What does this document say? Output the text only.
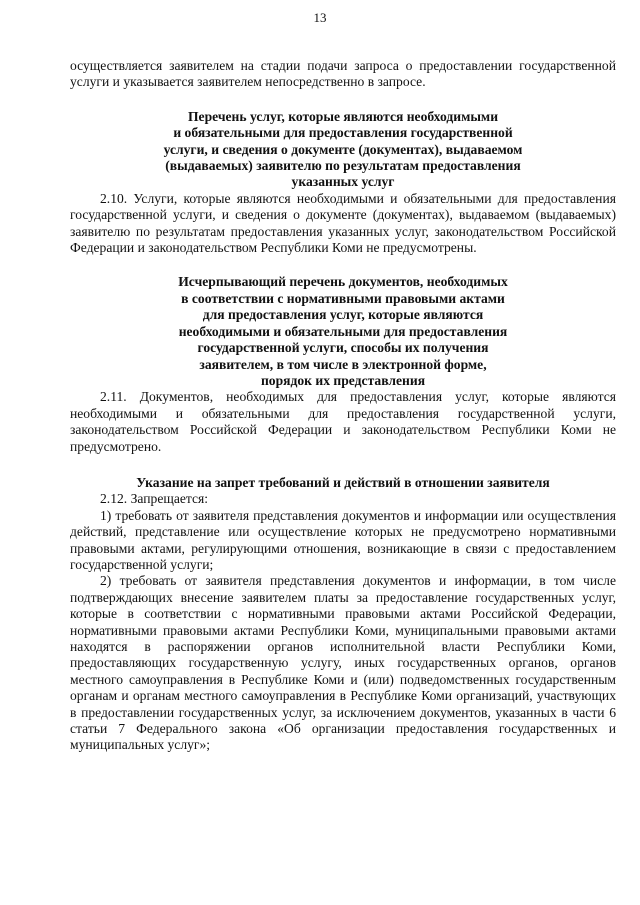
13

осуществляется заявителем на стадии подачи запроса о предоставлении государственной услуги и указывается заявителем непосредственно в запросе.

Перечень услуг, которые являются необходимыми

и обязательными для предоставления государственной

услуги, и сведения о документе (документах), выдаваемом

(выдаваемых) заявителю по результатам предоставления

указанных услуг

2.10. Услуги, которые являются необходимыми и обязательными для предоставления государственной услуги, и сведения о документе (документах), выдаваемом (выдаваемых) заявителю по результатам предоставления указанных услуг, законодательством Российской Федерации и законодательством Республики Коми не предусмотрены.

Исчерпывающий перечень документов, необходимых

в соответствии с нормативными правовыми актами

для предоставления услуг, которые являются

необходимыми и обязательными для предоставления

государственной услуги, способы их получения

заявителем, в том числе в электронной форме,

порядок их представления

2.11. Документов, необходимых для предоставления услуг, которые являются необходимыми и обязательными для предоставления государственной услуги, законодательством Российской Федерации и законодательством Республики Коми не предусмотрено.

Указание на запрет требований и действий в отношении заявителя

2.12. Запрещается:

1) требовать от заявителя представления документов и информации или осуществления действий, представление или осуществление которых не предусмотрено нормативными правовыми актами, регулирующими отношения, возникающие в связи с предоставлением государственной услуги;

2) требовать от заявителя представления документов и информации, в том числе подтверждающих внесение заявителем платы за предоставление государственных услуг, которые в соответствии с нормативными правовыми актами Российской Федерации, нормативными правовыми актами Республики Коми, муниципальными правовыми актами находятся в распоряжении органов исполнительной власти Республики Коми, предоставляющих государственную услугу, иных государственных органов, органов местного самоуправления в Республике Коми и (или) подведомственных государственным органам и органам местного самоуправления в Республике Коми организаций, участвующих в предоставлении государственных услуг, за исключением документов, указанных в части 6 статьи 7 Федерального закона «Об организации предоставления государственных и муниципальных услуг»;
